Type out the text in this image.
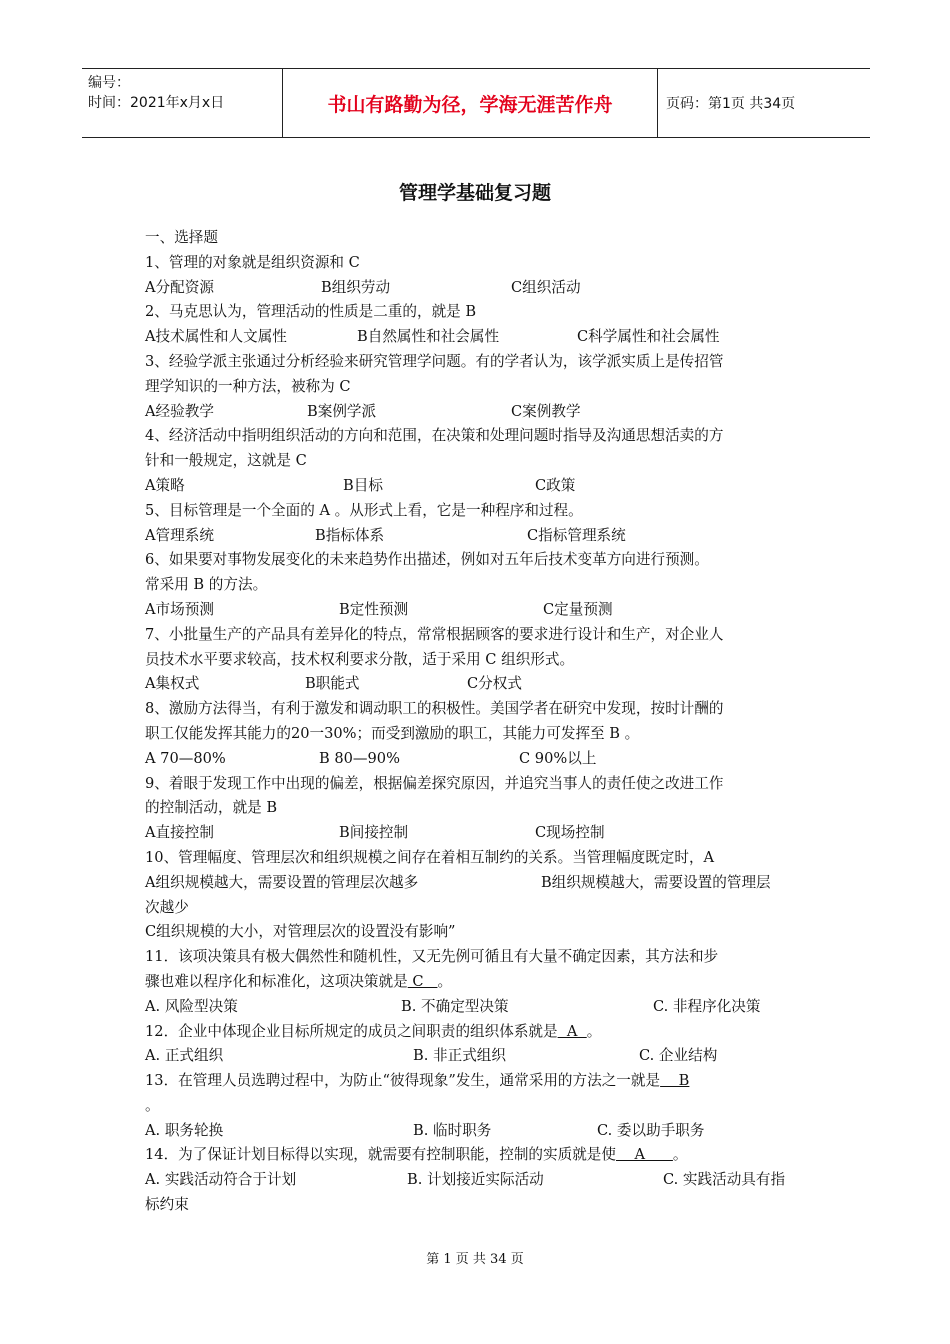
编号：
时间：2021年x月x日	书山有路勤为径，学海无涯苦作舟	页码：第1页 共34页
管理学基础复习题
一、选择题
1、管理的对象就是组织资源和 C
A分配资源	B组织劳动	C组织活动
2、马克思认为，管理活动的性质是二重的，就是 B
A技术属性和人文属性	B自然属性和社会属性	C科学属性和社会属性
3、经验学派主张通过分析经验来研究管理学问题。有的学者认为，该学派实质上是传招管
理学知识的一种方法，被称为 C
A经验教学	B案例学派	C案例教学
4、经济活动中指明组织活动的方向和范围，在决策和处理问题时指导及沟通思想活卖的方
针和一般规定，这就是 C
A策略	B目标	C政策
5、目标管理是一个全面的 A 。从形式上看，它是一种程序和过程。
A管理系统	B指标体系	C指标管理系统
6、如果要对事物发展变化的未来趋势作出描述，例如对五年后技术变革方向进行预测。
常采用 B 的方法。
A市场预测	B定性预测	C定量预测
7、小批量生产的产品具有差异化的特点，常常根据顾客的要求进行设计和生产，对企业人
员技术水平要求较高，技术权利要求分散，适于采用 C 组织形式。
A集权式	B职能式	C分权式
8、激励方法得当，有利于激发和调动职工的积极性。美国学者在研究中发现，按时计酬的
职工仅能发挥其能力的20一30%；而受到激励的职工，其能力可发挥至 B 。
A 70—80%	B 80—90%	C 90%以上
9、着眼于发现工作中出现的偏差，根据偏差探究原因，并追究当事人的责任使之改进工作
的控制活动，就是 B
A直接控制	B间接控制	C现场控制
10、管理幅度、管理层次和组织规模之间存在着相互制约的关系。当管理幅度既定时，A
A组织规模越大，需要设置的管理层次越多	B组织规模越大，需要设置的管理层
次越少
C组织规模的大小，对管理层次的设置没有影响”
11．该项决策具有极大偶然性和随机性，又无先例可循且有大量不确定因素，其方法和步
骤也难以程序化和标准化，这项决策就是 C   。
A. 风险型决策	B. 不确定型决策	C. 非程序化决策
12．企业中体现企业目标所规定的成员之间职责的组织体系就是  A  。
A. 正式组织	B. 非正式组织	C. 企业结构
13．在管理人员选聘过程中，为防止“彼得现象”发生，通常采用的方法之一就是    B
。
A. 职务轮换	B. 临时职务	C. 委以助手职务
14．为了保证计划目标得以实现，就需要有控制职能，控制的实质就是使    A      。
A. 实践活动符合于计划	B. 计划接近实际活动	C. 实践活动具有指
标约束
第 1 页 共 34 页
